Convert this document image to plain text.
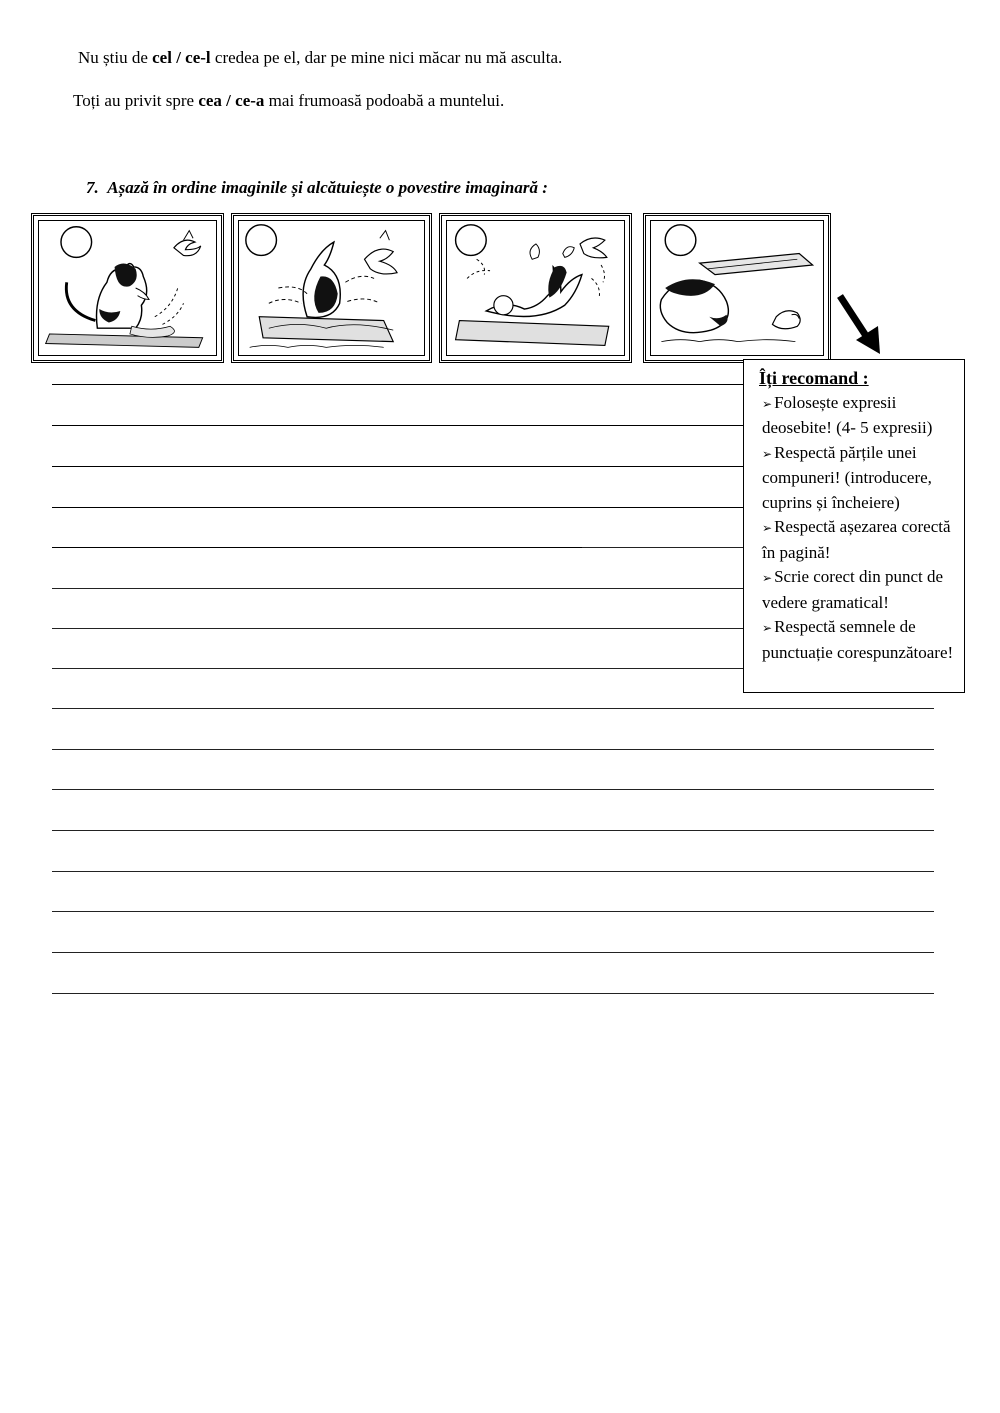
Nu știu de cel / ce-l credea pe el, dar pe mine nici măcar nu mă asculta.
Toți au privit spre cea / ce-a mai frumoasă podoabă a muntelui.
7. Așază în ordine imaginile și alcătuiește o povestire imaginară :
Îți recomand :

➢ Folosește expresii deosebite! (4- 5 expresii)

➢ Respectă părțile unei compuneri! (introducere, cuprins și încheiere)

➢ Respectă așezarea corectă în pagină!

➢ Scrie corect din punct de vedere gramatical!

➢ Respectă semnele de punctuație corespunzătoare!
